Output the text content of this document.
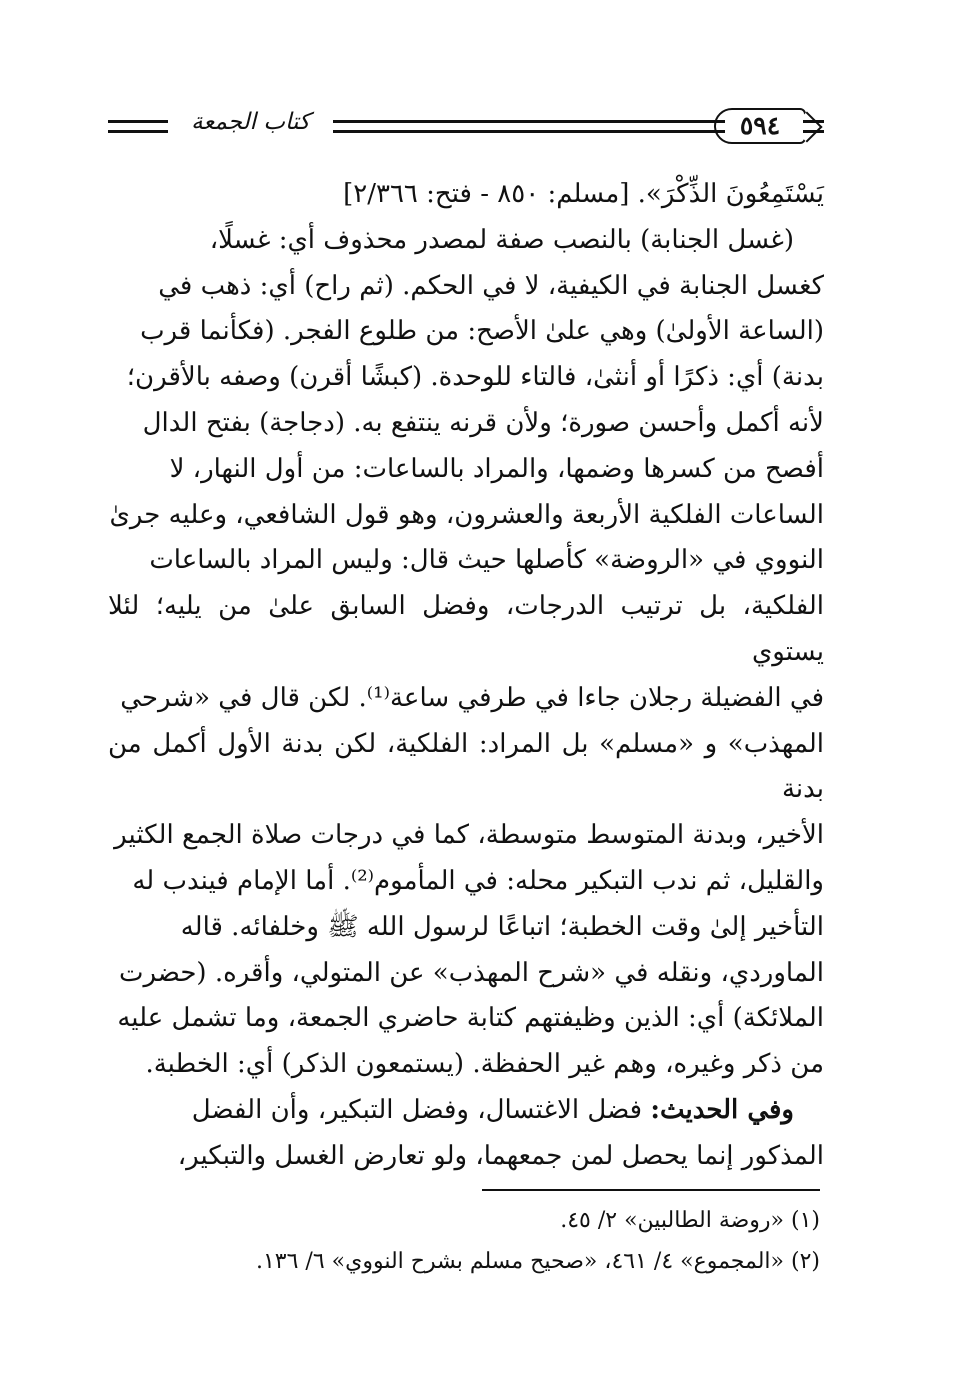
كتاب الجمعة	٥٩٤

يَسْتَمِعُونَ الذِّكْرَ». [مسلم: ٨٥٠ - فتح: ٢/٣٦٦]

(غسل الجنابة) بالنصب صفة لمصدر محذوف أي: غسلًا،

كغسل الجنابة في الكيفية، لا في الحكم. (ثم راح) أي: ذهب في

(الساعة الأولىٰ) وهي علىٰ الأصح: من طلوع الفجر. (فكأنما قرب

بدنة) أي: ذكرًا أو أنثىٰ، فالتاء للوحدة. (كبشًا أقرن) وصفه بالأقرن؛

لأنه أكمل وأحسن صورة؛ ولأن قرنه ينتفع به. (دجاجة) بفتح الدال

أفصح من كسرها وضمها، والمراد بالساعات: من أول النهار، لا

الساعات الفلكية الأربعة والعشرون، وهو قول الشافعي، وعليه جرىٰ

النووي في «الروضة» كأصلها حيث قال: وليس المراد بالساعات

الفلكية، بل ترتيب الدرجات، وفضل السابق علىٰ من يليه؛ لئلا يستوي

في الفضيلة رجلان جاءا في طرفي ساعة⁽¹⁾. لكن قال في «شرحي

المهذب» و «مسلم» بل المراد: الفلكية، لكن بدنة الأول أكمل من بدنة

الأخير، وبدنة المتوسط متوسطة، كما في درجات صلاة الجمع الكثير

والقليل، ثم ندب التبكير محله: في المأموم⁽²⁾. أما الإمام فيندب له

التأخير إلىٰ وقت الخطبة؛ اتباعًا لرسول الله ﷺ وخلفائه. قاله

الماوردي، ونقله في «شرح المهذب» عن المتولي، وأقره. (حضرت

الملائكة) أي: الذين وظيفتهم كتابة حاضري الجمعة، وما تشمل عليه

من ذكر وغيره، وهم غير الحفظة. (يستمعون الذكر) أي: الخطبة.

وفي الحديث: فضل الاغتسال، وفضل التبكير، وأن الفضل

المذكور إنما يحصل لمن جمعهما، ولو تعارض الغسل والتبكير،

(١) «روضة الطالبين» ٢/ ٤٥.

(٢) «المجموع» ٤/ ٤٦١، «صحيح مسلم بشرح النووي» ٦/ ١٣٦.
